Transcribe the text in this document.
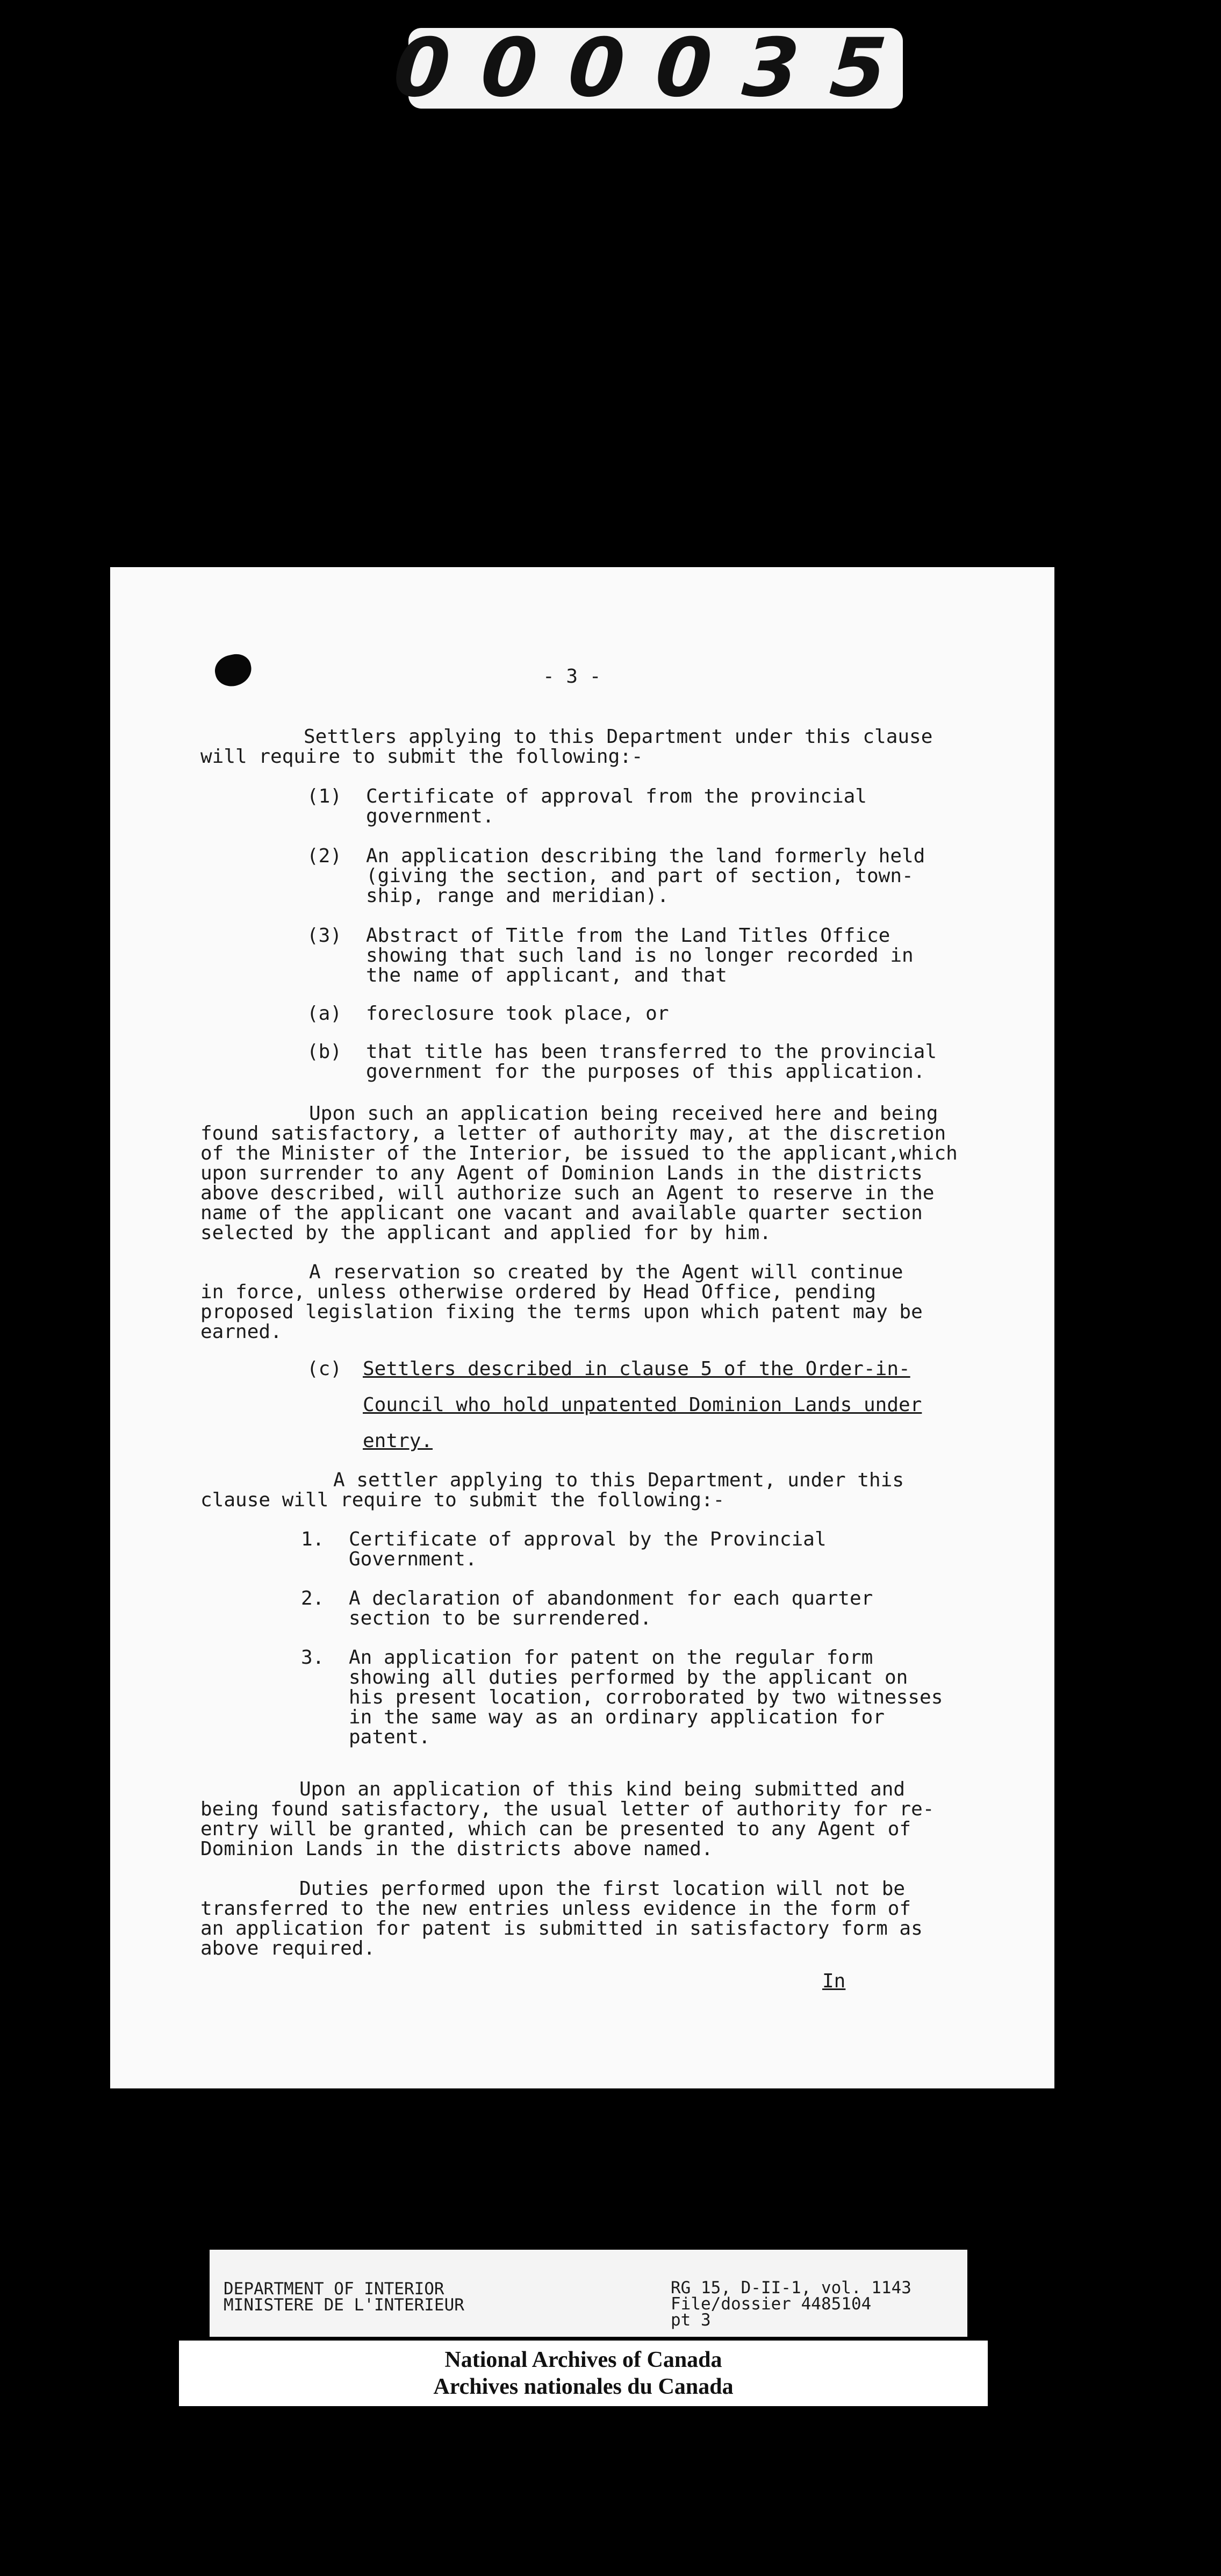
000035
- 3 -
Settlers applying to this Department under this clause
will require to submit the following:-
(1) Certificate of approval from the provincial
government.
(2) An application describing the land formerly held
(giving the section, and part of section, town-
ship, range and meridian).
(3) Abstract of Title from the Land Titles Office
showing that such land is no longer recorded in
the name of applicant, and that
(a) foreclosure took place, or
(b) that title has been transferred to the provincial
government for the purposes of this application.
Upon such an application being received here and being
found satisfactory, a letter of authority may, at the discretion
of the Minister of the Interior, be issued to the applicant,which
upon surrender to any Agent of Dominion Lands in the districts
above described, will authorize such an Agent to reserve in the
name of the applicant one vacant and available quarter section
selected by the applicant and applied for by him.
A reservation so created by the Agent will continue
in force, unless otherwise ordered by Head Office, pending
proposed legislation fixing the terms upon which patent may be
earned.
(c) Settlers described in clause 5 of the Order-in-
Council who hold unpatented Dominion Lands under
entry.
A settler applying to this Department, under this
clause will require to submit the following:-
1. Certificate of approval by the Provincial
Government.
2. A declaration of abandonment for each quarter
section to be surrendered.
3. An application for patent on the regular form
showing all duties performed by the applicant on
his present location, corroborated by two witnesses
in the same way as an ordinary application for
patent.
Upon an application of this kind being submitted and
being found satisfactory, the usual letter of authority for re-
entry will be granted, which can be presented to any Agent of
Dominion Lands in the districts above named.
Duties performed upon the first location will not be
transferred to the new entries unless evidence in the form of
an application for patent is submitted in satisfactory form as
above required.
In
DEPARTMENT OF INTERIOR
MINISTERE DE L'INTERIEUR
RG 15, D-II-1, vol. 1143
File/dossier 4485104
pt 3
National Archives of Canada
Archives nationales du Canada
